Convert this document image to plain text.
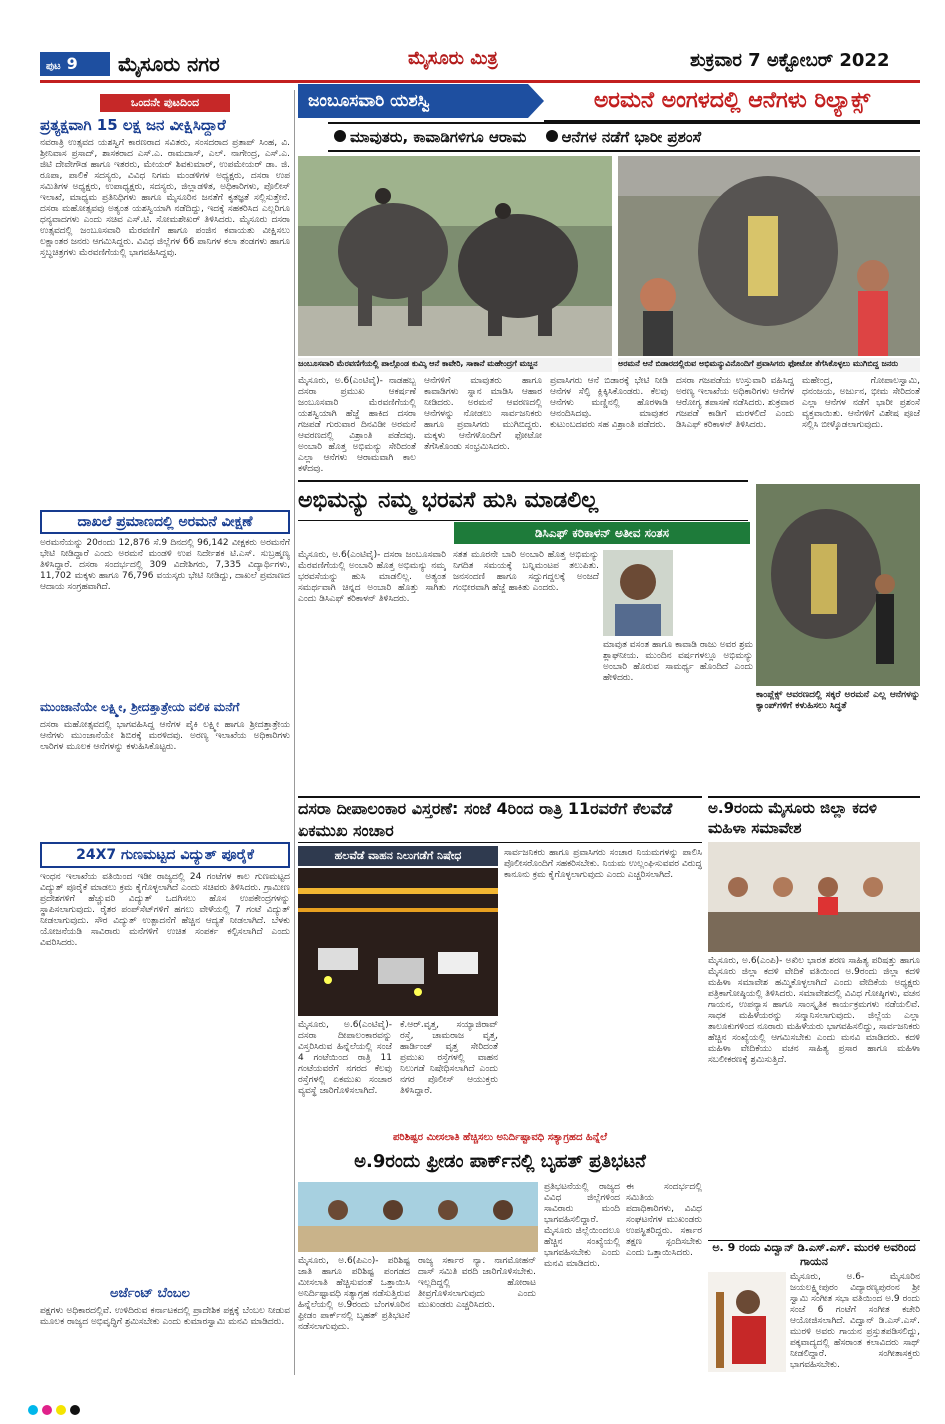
ಪುಟ 9	ಮೈಸೂರು ನಗರ	ಮೈಸೂರು ಮಿತ್ರ	ಶುಕ್ರವಾರ 7 ಅಕ್ಟೋಬರ್ 2022
ಒಂದನೇ ಪುಟದಿಂದ
ಪ್ರತ್ಯಕ್ಷವಾಗಿ 15 ಲಕ್ಷ ಜನ ವೀಕ್ಷಿಸಿದ್ದಾರೆ
ನವರಾತ್ರಿ ಉತ್ಸವದ ಯಶಸ್ವಿಗೆ ಕಾರಣರಾದ ಸವಿತರು, ಸಂಸದರಾದ ಪ್ರತಾಪ್ ಸಿಂಹ, ವಿ. ಶ್ರೀನಿವಾಸ ಪ್ರಸಾದ್, ಶಾಸಕರಾದ ಎಸ್.ಎ. ರಾಮದಾಸ್, ಎಲ್. ನಾಗೇಂದ್ರ, ಎಸ್.ಎ. ಜಿಟಿ ದೇವೇಗೌಡ ಹಾಗೂ ಇತರರು, ಮೇಯರ್ ಶಿವಕುಮಾರ್, ಉಪಮೇಯರ್ ಡಾ. ಜಿ. ರೂಪಾ, ಪಾಲಿಕೆ ಸದಸ್ಯರು, ವಿವಿಧ ನಿಗಮ ಮಂಡಳಿಗಳ ಅಧ್ಯಕ್ಷರು, ದಸರಾ ಉಪ ಸಮಿತಿಗಳ ಅಧ್ಯಕ್ಷರು, ಉಪಾಧ್ಯಕ್ಷರು, ಸದಸ್ಯರು, ಜಿಲ್ಲಾಡಳಿತ, ಅಧಿಕಾರಿಗಳು, ಪೊಲೀಸ್ ಇಲಾಖೆ, ಮಾಧ್ಯಮ ಪ್ರತಿನಿಧಿಗಳು ಹಾಗೂ ಮೈಸೂರಿನ ಜನತೆಗೆ ಕೃತಜ್ಞತೆ ಸಲ್ಲಿಸುತ್ತೇನೆ. ದಸರಾ ಮಹೋತ್ಸವವು ಅತ್ಯಂತ ಯಶಸ್ವಿಯಾಗಿ ನಡೆದಿದ್ದು, ಇದಕ್ಕೆ ಸಹಕರಿಸಿದ ಎಲ್ಲರಿಗೂ ಧನ್ಯವಾದಗಳು ಎಂದು ಸಚಿವ ಎಸ್.ಟಿ. ಸೋಮಶೇಖರ್ ತಿಳಿಸಿದರು. ಮೈಸೂರು ದಸರಾ ಉತ್ಸವದಲ್ಲಿ ಜಂಬೂಸವಾರಿ ಮೆರವಣಿಗೆ ಹಾಗೂ ಪಂಜಿನ ಕವಾಯತು ವೀಕ್ಷಿಸಲು ಲಕ್ಷಾಂತರ ಜನರು ಆಗಮಿಸಿದ್ದರು. ವಿವಿಧ ಜಿಲ್ಲೆಗಳ 66 ಪಾನಿಗಳ ಕಲಾ ತಂಡಗಳು ಹಾಗೂ ಸ್ತಬ್ಧಚಿತ್ರಗಳು ಮೆರವಣಿಗೆಯಲ್ಲಿ ಭಾಗವಹಿಸಿದ್ದವು.
ದಾಖಲೆ ಪ್ರಮಾಣದಲ್ಲಿ ಅರಮನೆ ವೀಕ್ಷಣೆ
ಅರಮನೆಯನ್ನು 20ರಂದು 12,876 ಸೆ.9 ದಿನದಲ್ಲಿ 96,142 ವೀಕ್ಷಕರು ಅರಮನೆಗೆ ಭೇಟಿ ನೀಡಿದ್ದಾರೆ ಎಂದು ಅರಮನೆ ಮಂಡಳಿ ಉಪ ನಿರ್ದೇಶಕ ಟಿ.ಎಸ್. ಸುಬ್ರಹ್ಮಣ್ಯ ತಿಳಿಸಿದ್ದಾರೆ. ದಸರಾ ಸಂದರ್ಭದಲ್ಲಿ 309 ವಿದೇಶಿಗರು, 7,335 ವಿದ್ಯಾರ್ಥಿಗಳು, 11,702 ಮಕ್ಕಳು ಹಾಗೂ 76,796 ವಯಸ್ಕರು ಭೇಟಿ ನೀಡಿದ್ದು, ದಾಖಲೆ ಪ್ರಮಾಣದ ಆದಾಯ ಸಂಗ್ರಹವಾಗಿದೆ.
ಮುಂಜಾನೆಯೇ ಲಕ್ಷ್ಮೀ, ಶ್ರೀದತ್ತಾತ್ರೇಯ ವಲಿಕ ಮನೆಗೆ
ದಸರಾ ಮಹೋತ್ಸವದಲ್ಲಿ ಭಾಗವಹಿಸಿದ್ದ ಆನೆಗಳ ಪೈಕಿ ಲಕ್ಷ್ಮೀ ಹಾಗೂ ಶ್ರೀದತ್ತಾತ್ರೇಯ ಆನೆಗಳು ಮುಂಜಾನೆಯೇ ಶಿಬಿರಕ್ಕೆ ಮರಳಿದವು. ಅರಣ್ಯ ಇಲಾಖೆಯ ಅಧಿಕಾರಿಗಳು ಲಾರಿಗಳ ಮೂಲಕ ಆನೆಗಳನ್ನು ಕಳುಹಿಸಿಕೊಟ್ಟರು.
24X7 ಗುಣಮಟ್ಟದ ವಿದ್ಯುತ್ ಪೂರೈಕೆ
ಇಂಧನ ಇಲಾಖೆಯ ವತಿಯಿಂದ ಇಡೀ ರಾಜ್ಯದಲ್ಲಿ 24 ಗಂಟೆಗಳ ಕಾಲ ಗುಣಮಟ್ಟದ ವಿದ್ಯುತ್ ಪೂರೈಕೆ ಮಾಡಲು ಕ್ರಮ ಕೈಗೊಳ್ಳಲಾಗಿದೆ ಎಂದು ಸಚಿವರು ತಿಳಿಸಿದರು. ಗ್ರಾಮೀಣ ಪ್ರದೇಶಗಳಿಗೆ ಹೆಚ್ಚುವರಿ ವಿದ್ಯುತ್ ಒದಗಿಸಲು ಹೊಸ ಉಪಕೇಂದ್ರಗಳನ್ನು ಸ್ಥಾಪಿಸಲಾಗುವುದು. ರೈತರ ಪಂಪ್‌ಸೆಟ್‌ಗಳಿಗೆ ಹಗಲು ವೇಳೆಯಲ್ಲಿ 7 ಗಂಟೆ ವಿದ್ಯುತ್ ನೀಡಲಾಗುವುದು. ಸೌರ ವಿದ್ಯುತ್ ಉತ್ಪಾದನೆಗೆ ಹೆಚ್ಚಿನ ಆದ್ಯತೆ ನೀಡಲಾಗಿದೆ. ಬೆಳಕು ಯೋಜನೆಯಡಿ ಸಾವಿರಾರು ಮನೆಗಳಿಗೆ ಉಚಿತ ಸಂಪರ್ಕ ಕಲ್ಪಿಸಲಾಗಿದೆ ಎಂದು ವಿವರಿಸಿದರು.
ಅರ್ಜೆಂಟ್ ಬೆಂಬಲ
ಪಕ್ಷಗಳು ಅಧಿಕಾರದಲ್ಲಿವೆ. ಉಳಿದಿರುವ ಕರ್ನಾಟಕದಲ್ಲಿ ಪ್ರಾದೇಶಿಕ ಪಕ್ಷಕ್ಕೆ ಬೆಂಬಲ ನೀಡುವ ಮೂಲಕ ರಾಜ್ಯದ ಅಭಿವೃದ್ಧಿಗೆ ಶ್ರಮಿಸಬೇಕು ಎಂದು ಕುಮಾರಸ್ವಾಮಿ ಮನವಿ ಮಾಡಿದರು.
ಜಂಬೂಸವಾರಿ ಯಶಸ್ವಿ	ಅರಮನೆ ಅಂಗಳದಲ್ಲಿ ಆನೆಗಳು ರಿಲ್ಯಾಕ್ಸ್
ಮಾವುತರು, ಕಾವಾಡಿಗಳಿಗೂ ಆರಾಮ ಆನೆಗಳ ನಡೆಗೆ ಭಾರೀ ಪ್ರಶಂಸೆ
ಜಂಬೂಸವಾರಿ ಮೆರವಣಿಗೆಯಲ್ಲಿ ಪಾಲ್ಗೊಂಡ ಕುಮ್ಕಿ ಆನೆ ಕಾವೇರಿ, ಸಾಕಾನೆ ಮಹೇಂದ್ರಗೆ ಮಜ್ಜನ	ಅರಮನೆ ಆನೆ ಬಿಡಾರದಲ್ಲಿರುವ ಅಭಿಮನ್ಯುವಿನೊಂದಿಗೆ ಪ್ರವಾಸಿಗರು ಫೋಟೋ ತೆಗೆಸಿಕೊಳ್ಳಲು ಮುಗಿಬಿದ್ದ ಜನರು
ಮೈಸೂರು, ಅ.6(ಎಂಟಿವೈ)- ನಾಡಹಬ್ಬ ದಸರಾ ಪ್ರಮುಖ ಆಕರ್ಷಣೆ ಜಂಬೂಸವಾರಿ ಮೆರವಣಿಗೆಯಲ್ಲಿ ಯಶಸ್ವಿಯಾಗಿ ಹೆಜ್ಜೆ ಹಾಕಿದ ದಸರಾ ಗಜಪಡೆ ಗುರುವಾರ ದಿನವಿಡೀ ಅರಮನೆ ಆವರಣದಲ್ಲಿ ವಿಶ್ರಾಂತಿ ಪಡೆದವು. ಅಂಬಾರಿ ಹೊತ್ತ ಅಭಿಮನ್ಯು ಸೇರಿದಂತೆ ಎಲ್ಲಾ ಆನೆಗಳು ಆರಾಮವಾಗಿ ಕಾಲ ಕಳೆದವು.
ಆನೆಗಳಿಗೆ ಮಾವುತರು ಹಾಗೂ ಕಾವಾಡಿಗಳು ಸ್ನಾನ ಮಾಡಿಸಿ ಆಹಾರ ನೀಡಿದರು. ಅರಮನೆ ಆವರಣದಲ್ಲಿ ಆನೆಗಳನ್ನು ನೋಡಲು ಸಾರ್ವಜನಿಕರು ಹಾಗೂ ಪ್ರವಾಸಿಗರು ಮುಗಿಬಿದ್ದರು. ಮಕ್ಕಳು ಆನೆಗಳೊಂದಿಗೆ ಫೋಟೋ ತೆಗೆಸಿಕೊಂಡು ಸಂಭ್ರಮಿಸಿದರು.
ಪ್ರವಾಸಿಗರು ಆನೆ ಬಿಡಾರಕ್ಕೆ ಭೇಟಿ ನೀಡಿ ಆನೆಗಳ ಸೆಲ್ಫಿ ಕ್ಲಿಕ್ಕಿಸಿಕೊಂಡರು. ಕೆಲವು ಆನೆಗಳು ಮಣ್ಣಿನಲ್ಲಿ ಹೊರಳಾಡಿ ಆನಂದಿಸಿದವು. ಮಾವುತರ ಕುಟುಂಬದವರು ಸಹ ವಿಶ್ರಾಂತಿ ಪಡೆದರು.
ದಸರಾ ಗಜಪಡೆಯ ಉಸ್ತುವಾರಿ ವಹಿಸಿದ್ದ ಅರಣ್ಯ ಇಲಾಖೆಯ ಅಧಿಕಾರಿಗಳು ಆನೆಗಳ ಆರೋಗ್ಯ ತಪಾಸಣೆ ನಡೆಸಿದರು. ಶುಕ್ರವಾರ ಗಜಪಡೆ ಕಾಡಿಗೆ ಮರಳಲಿದೆ ಎಂದು ಡಿಸಿಎಫ್ ಕರಿಕಾಳನ್ ತಿಳಿಸಿದರು.
ಮಹೇಂದ್ರ, ಗೋಪಾಲಸ್ವಾಮಿ, ಧನಂಜಯ, ಅರ್ಜುನ, ಭೀಮ ಸೇರಿದಂತೆ ಎಲ್ಲಾ ಆನೆಗಳ ನಡೆಗೆ ಭಾರೀ ಪ್ರಶಂಸೆ ವ್ಯಕ್ತವಾಯಿತು. ಆನೆಗಳಿಗೆ ವಿಶೇಷ ಪೂಜೆ ಸಲ್ಲಿಸಿ ಬೀಳ್ಕೊಡಲಾಗುವುದು.
ಅಭಿಮನ್ಯು ನಮ್ಮ ಭರವಸೆ ಹುಸಿ ಮಾಡಲಿಲ್ಲ
ಡಿಸಿಎಫ್ ಕರಿಕಾಳನ್ ಅತೀವ ಸಂತಸ
ಮೈಸೂರು, ಅ.6(ಎಂಟಿವೈ)- ದಸರಾ ಜಂಬೂಸವಾರಿ ಮೆರವಣಿಗೆಯಲ್ಲಿ ಅಂಬಾರಿ ಹೊತ್ತ ಅಭಿಮನ್ಯು ನಮ್ಮ ಭರವಸೆಯನ್ನು ಹುಸಿ ಮಾಡಲಿಲ್ಲ. ಅತ್ಯಂತ ಸಮರ್ಥವಾಗಿ ಚಿನ್ನದ ಅಂಬಾರಿ ಹೊತ್ತು ಸಾಗಿತು ಎಂದು ಡಿಸಿಎಫ್ ಕರಿಕಾಳನ್ ತಿಳಿಸಿದರು.
ಸತತ ಮೂರನೇ ಬಾರಿ ಅಂಬಾರಿ ಹೊತ್ತ ಅಭಿಮನ್ಯು ನಿಗದಿತ ಸಮಯಕ್ಕೆ ಬನ್ನಿಮಂಟಪ ತಲುಪಿತು. ಜನಸಂದಣಿ ಹಾಗೂ ಸದ್ದುಗದ್ದಲಕ್ಕೆ ಅಂಜದೆ ಗಂಭೀರವಾಗಿ ಹೆಜ್ಜೆ ಹಾಕಿತು ಎಂದರು.
ಮಾವುತ ವಸಂತ ಹಾಗೂ ಕಾವಾಡಿ ರಾಜು ಅವರ ಶ್ರಮ ಶ್ಲಾಘನೀಯ. ಮುಂದಿನ ವರ್ಷಗಳಲ್ಲೂ ಅಭಿಮನ್ಯು ಅಂಬಾರಿ ಹೊರುವ ಸಾಮರ್ಥ್ಯ ಹೊಂದಿದೆ ಎಂದು ಹೇಳಿದರು.
ಕಾಂಪ್ಲೆಕ್ಸ್ ಆವರಣದಲ್ಲಿ ಸಕ್ಕರೆ ಅರಮನೆ ಎಲ್ಲ ಆನೆಗಳನ್ನು ಕ್ಯಾಂಪ್‌ಗಳಿಗೆ ಕಳುಹಿಸಲು ಸಿದ್ಧತೆ
ದಸರಾ ದೀಪಾಲಂಕಾರ ವಿಸ್ತರಣೆ: ಸಂಜೆ 4ರಿಂದ ರಾತ್ರಿ 11ರವರೆಗೆ ಕೆಲವೆಡೆ ಏಕಮುಖ ಸಂಚಾರ
ಹಲವೆಡೆ ವಾಹನ ನಿಲುಗಡೆಗೆ ನಿಷೇಧ
ಮೈಸೂರು, ಅ.6(ಎಂಟಿವೈ)- ದಸರಾ ದೀಪಾಲಂಕಾರವನ್ನು ವಿಸ್ತರಿಸಿರುವ ಹಿನ್ನೆಲೆಯಲ್ಲಿ ಸಂಜೆ 4 ಗಂಟೆಯಿಂದ ರಾತ್ರಿ 11 ಗಂಟೆಯವರೆಗೆ ನಗರದ ಕೆಲವು ರಸ್ತೆಗಳಲ್ಲಿ ಏಕಮುಖ ಸಂಚಾರ ವ್ಯವಸ್ಥೆ ಜಾರಿಗೊಳಿಸಲಾಗಿದೆ.
ಕೆ.ಆರ್.ವೃತ್ತ, ಸಯ್ಯಾಜಿರಾವ್ ರಸ್ತೆ, ಚಾಮರಾಜ ವೃತ್ತ, ಹಾರ್ಡಿಂಜ್ ವೃತ್ತ ಸೇರಿದಂತೆ ಪ್ರಮುಖ ರಸ್ತೆಗಳಲ್ಲಿ ವಾಹನ ನಿಲುಗಡೆ ನಿಷೇಧಿಸಲಾಗಿದೆ ಎಂದು ನಗರ ಪೊಲೀಸ್ ಆಯುಕ್ತರು ತಿಳಿಸಿದ್ದಾರೆ.
ಸಾರ್ವಜನಿಕರು ಹಾಗೂ ಪ್ರವಾಸಿಗರು ಸಂಚಾರ ನಿಯಮಗಳನ್ನು ಪಾಲಿಸಿ ಪೊಲೀಸರೊಂದಿಗೆ ಸಹಕರಿಸಬೇಕು. ನಿಯಮ ಉಲ್ಲಂಘಿಸುವವರ ವಿರುದ್ಧ ಕಾನೂನು ಕ್ರಮ ಕೈಗೊಳ್ಳಲಾಗುವುದು ಎಂದು ಎಚ್ಚರಿಸಲಾಗಿದೆ.
ಪರಿಶಿಷ್ಟರ ಮೀಸಲಾತಿ ಹೆಚ್ಚಿಸಲು ಅನಿರ್ದಿಷ್ಟಾವಧಿ ಸತ್ಯಾಗ್ರಹದ ಹಿನ್ನೆಲೆ
ಅ.9ರಂದು ಫ್ರೀಡಂ ಪಾರ್ಕ್‌ನಲ್ಲಿ ಬೃಹತ್ ಪ್ರತಿಭಟನೆ
ಮೈಸೂರು, ಅ.6(ಪಿಎಂ)- ಪರಿಶಿಷ್ಟ ಜಾತಿ ಹಾಗೂ ಪರಿಶಿಷ್ಟ ಪಂಗಡದ ಮೀಸಲಾತಿ ಹೆಚ್ಚಿಸುವಂತೆ ಒತ್ತಾಯಿಸಿ ಅನಿರ್ದಿಷ್ಟಾವಧಿ ಸತ್ಯಾಗ್ರಹ ನಡೆಸುತ್ತಿರುವ ಹಿನ್ನೆಲೆಯಲ್ಲಿ ಅ.9ರಂದು ಬೆಂಗಳೂರಿನ ಫ್ರೀಡಂ ಪಾರ್ಕ್‌ನಲ್ಲಿ ಬೃಹತ್ ಪ್ರತಿಭಟನೆ ನಡೆಸಲಾಗುವುದು.
ರಾಜ್ಯ ಸರ್ಕಾರ ನ್ಯಾ. ನಾಗಮೋಹನ್ ದಾಸ್ ಸಮಿತಿ ವರದಿ ಜಾರಿಗೊಳಿಸಬೇಕು. ಇಲ್ಲದಿದ್ದಲ್ಲಿ ಹೋರಾಟ ತೀವ್ರಗೊಳಿಸಲಾಗುವುದು ಎಂದು ಮುಖಂಡರು ಎಚ್ಚರಿಸಿದರು.
ಪ್ರತಿಭಟನೆಯಲ್ಲಿ ರಾಜ್ಯದ ವಿವಿಧ ಜಿಲ್ಲೆಗಳಿಂದ ಸಾವಿರಾರು ಮಂದಿ ಭಾಗವಹಿಸಲಿದ್ದಾರೆ. ಮೈಸೂರು ಜಿಲ್ಲೆಯಿಂದಲೂ ಹೆಚ್ಚಿನ ಸಂಖ್ಯೆಯಲ್ಲಿ ಭಾಗವಹಿಸಬೇಕು ಎಂದು ಮನವಿ ಮಾಡಿದರು.
ಈ ಸಂದರ್ಭದಲ್ಲಿ ಸಮಿತಿಯ ಪದಾಧಿಕಾರಿಗಳು, ವಿವಿಧ ಸಂಘಟನೆಗಳ ಮುಖಂಡರು ಉಪಸ್ಥಿತರಿದ್ದರು. ಸರ್ಕಾರ ತಕ್ಷಣ ಸ್ಪಂದಿಸಬೇಕು ಎಂದು ಒತ್ತಾಯಿಸಿದರು.
ಅ.9ರಂದು ಮೈಸೂರು ಜಿಲ್ಲಾ ಕದಳಿ ಮಹಿಳಾ ಸಮಾವೇಶ
ಮೈಸೂರು, ಅ.6(ಎಂಪಿ)- ಅಖಿಲ ಭಾರತ ಶರಣ ಸಾಹಿತ್ಯ ಪರಿಷತ್ತು ಹಾಗೂ ಮೈಸೂರು ಜಿಲ್ಲಾ ಕದಳಿ ವೇದಿಕೆ ವತಿಯಿಂದ ಅ.9ರಂದು ಜಿಲ್ಲಾ ಕದಳಿ ಮಹಿಳಾ ಸಮಾವೇಶ ಹಮ್ಮಿಕೊಳ್ಳಲಾಗಿದೆ ಎಂದು ವೇದಿಕೆಯ ಅಧ್ಯಕ್ಷರು ಪತ್ರಿಕಾಗೋಷ್ಠಿಯಲ್ಲಿ ತಿಳಿಸಿದರು. ಸಮಾವೇಶದಲ್ಲಿ ವಿವಿಧ ಗೋಷ್ಠಿಗಳು, ವಚನ ಗಾಯನ, ಉಪನ್ಯಾಸ ಹಾಗೂ ಸಾಂಸ್ಕೃತಿಕ ಕಾರ್ಯಕ್ರಮಗಳು ನಡೆಯಲಿವೆ. ಸಾಧಕ ಮಹಿಳೆಯರನ್ನು ಸನ್ಮಾನಿಸಲಾಗುವುದು. ಜಿಲ್ಲೆಯ ಎಲ್ಲಾ ತಾಲೂಕುಗಳಿಂದ ನೂರಾರು ಮಹಿಳೆಯರು ಭಾಗವಹಿಸಲಿದ್ದು, ಸಾರ್ವಜನಿಕರು ಹೆಚ್ಚಿನ ಸಂಖ್ಯೆಯಲ್ಲಿ ಆಗಮಿಸಬೇಕು ಎಂದು ಮನವಿ ಮಾಡಿದರು. ಕದಳಿ ಮಹಿಳಾ ವೇದಿಕೆಯು ವಚನ ಸಾಹಿತ್ಯ ಪ್ರಸಾರ ಹಾಗೂ ಮಹಿಳಾ ಸಬಲೀಕರಣಕ್ಕೆ ಶ್ರಮಿಸುತ್ತಿದೆ.
ಅ. 9 ರಂದು ವಿದ್ವಾನ್ ಡಿ.ಎಸ್.ಎಸ್. ಮುರಳಿ ಅವರಿಂದ ಗಾಯನ
ಮೈಸೂರು, ಅ.6- ಮೈಸೂರಿನ ಜಯಲಕ್ಷ್ಮೀಪುರಂ ವಿದ್ಯಾರಣ್ಯಪುರಂನ ಶ್ರೀ ಸ್ವಾಮಿ ಸಂಗೀತ ಸಭಾ ವತಿಯಿಂದ ಅ.9 ರಂದು ಸಂಜೆ 6 ಗಂಟೆಗೆ ಸಂಗೀತ ಕಚೇರಿ ಆಯೋಜಿಸಲಾಗಿದೆ. ವಿದ್ವಾನ್ ಡಿ.ಎಸ್.ಎಸ್. ಮುರಳಿ ಅವರು ಗಾಯನ ಪ್ರಸ್ತುತಪಡಿಸಲಿದ್ದು, ಪಕ್ಕವಾದ್ಯದಲ್ಲಿ ಹೆಸರಾಂತ ಕಲಾವಿದರು ಸಾಥ್ ನೀಡಲಿದ್ದಾರೆ. ಸಂಗೀತಾಸಕ್ತರು ಭಾಗವಹಿಸಬೇಕು.
